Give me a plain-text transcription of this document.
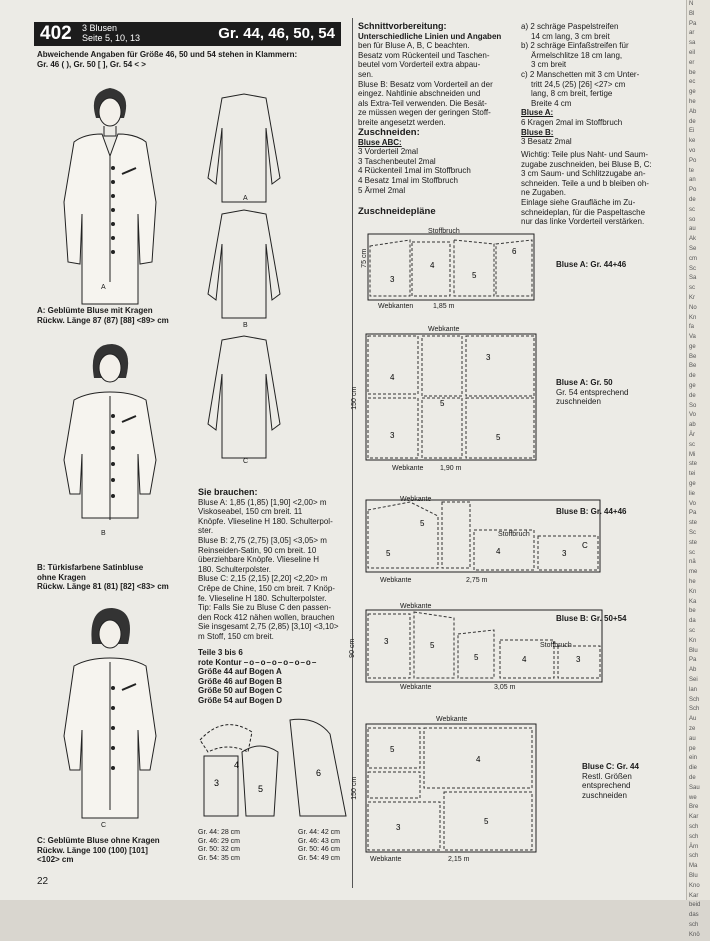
402 3 Blusen
Seite 5, 10, 13	Gr. 44, 46, 50, 54
Abweichende Angaben für Größe 46, 50 und 54 stehen in Klammern:
Gr. 46 ( ), Gr. 50 [ ], Gr. 54 < >
A
A: Geblümte Bluse mit Kragen
Rückw. Länge 87 (87) [88] <89> cm
B
B: Türkisfarbene Satinbluse
ohne Kragen
Rückw. Länge 81 (81) [82] <83> cm
C
C: Geblümte Bluse ohne Kragen
Rückw. Länge 100 (100) [101]
<102> cm
22
A
B
C
Sie brauchen:
Bluse A: 1,85 (1,85) [1,90] <2,00> m
Viskoseabel, 150 cm breit. 11
Knöpfe. Vlieseline H 180. Schulterpol-
ster.
Bluse B: 2,75 (2,75) [3,05] <3,05> m
Reinseiden-Satin, 90 cm breit. 10
überziehbare Knöpfe. Vlieseline H
180. Schulterpolster.
Bluse C: 2,15 (2,15) [2,20] <2,20> m
Crêpe de Chine, 150 cm breit. 7 Knöp-
fe. Vlieseline H 180. Schulterpolster.
Tip: Falls Sie zu Bluse C den passen-
den Rock 412 nähen wollen, brauchen
Sie insgesamt 2,75 (2,85) [3,10] <3,10>
m Stoff, 150 cm breit.
Teile 3 bis 6
rote Kontur –o–o–o–o–o–o–
Größe 44 auf Bogen A
Größe 46 auf Bogen B
Größe 50 auf Bogen C
Größe 54 auf Bogen D
3
4
5
6
Gr. 44: 28 cm
Gr. 46: 29 cm
Gr. 50: 32 cm
Gr. 54: 35 cm
Gr. 44: 42 cm
Gr. 46: 43 cm
Gr. 50: 46 cm
Gr. 54: 49 cm
Schnittvorbereitung:
Unterschiedliche Linien und Angaben
ben für Bluse A, B, C beachten.
Besatz vom Rückenteil und Taschen-
beutel vom Vorderteil extra abpau-
sen.
Bluse B: Besatz vom Vorderteil an der
eingez. Nahtlinie abschneiden und
als Extra-Teil verwenden. Die Besät-
ze müssen wegen der geringen Stoff-
breite angesetzt werden.
Zuschneiden:
Bluse ABC:
3 Vorderteil 2mal
3 Taschenbeutel 2mal
4 Rückenteil 1mal im Stoffbruch
4 Besatz 1mal im Stoffbruch
5 Ärmel 2mal
Zuschneidepläne
a) 2 schräge Paspelstreifen
14 cm lang, 3 cm breit
b) 2 schräge Einfaßstreifen für
Ärmelschlitze 18 cm lang,
3 cm breit
c) 2 Manschetten mit 3 cm Unter-
tritt 24,5 (25) [26] <27> cm
lang, 8 cm breit, fertige
Breite 4 cm
Bluse A:
6 Kragen 2mal im Stoffbruch
Bluse B:
3 Besatz 2mal
Wichtig: Teile plus Naht- und Saum-
zugabe zuschneiden, bei Bluse B, C:
3 cm Saum- und Schlitzzugabe an-
schneiden. Teile a und b bleiben oh-
ne Zugaben.
Einlage siehe Graufläche im Zu-
schneideplan, für die Paspeltasche
nur das linke Vorderteil verstärken.
3
4
5
6
Stoffbruch
75 cm
Webkanten	1,85 m
Bluse A: Gr. 44+46
4
3
5
3
5
Webkante
150 cm
Webkante 1,90 m
Bluse A: Gr. 50
Gr. 54 entsprechend
zuschneiden
5
5
4	3
C
Webkante
Stoffbruch
Webkante	2,75 m
Bluse B: Gr. 44+46
3	5
5	4	3
Webkante
Stoffbruch
90 cm
Webkante	3,05 m
Bluse B: Gr. 50+54
5
4
3
5
Webkante
150 cm
Webkante	2,15 m
Bluse C: Gr. 44
Restl. Größen
entsprechend
zuschneiden
N
Bl
Pa
ar
sa
eil
er
be
ec
ge
he
Ab
de
Ei
ke
vo
Po
te
an
Po
de
sc
so
au
Ak
Se
cm
Sc
Sa
sc
Kr
No
Kn
fa
Va
ge
Be
Be
de
ge
de
So
Vo
ab
Är
sc
Mi
ste
tei
ge
lie
Vo
Pa
ste
Sc
ste
sc
nä
me
he
Kn
Ka
be
da
sc
Kn
Blu
Pa
Ab
Sei
lan
Sch
Sch
Au
ze
au
pe
ein
die
de
Sau
we
Bre
Kar
sch
sch
Ärn
sch
Ma
Blu
Kno
Kar
beid
das
sch
Knö
